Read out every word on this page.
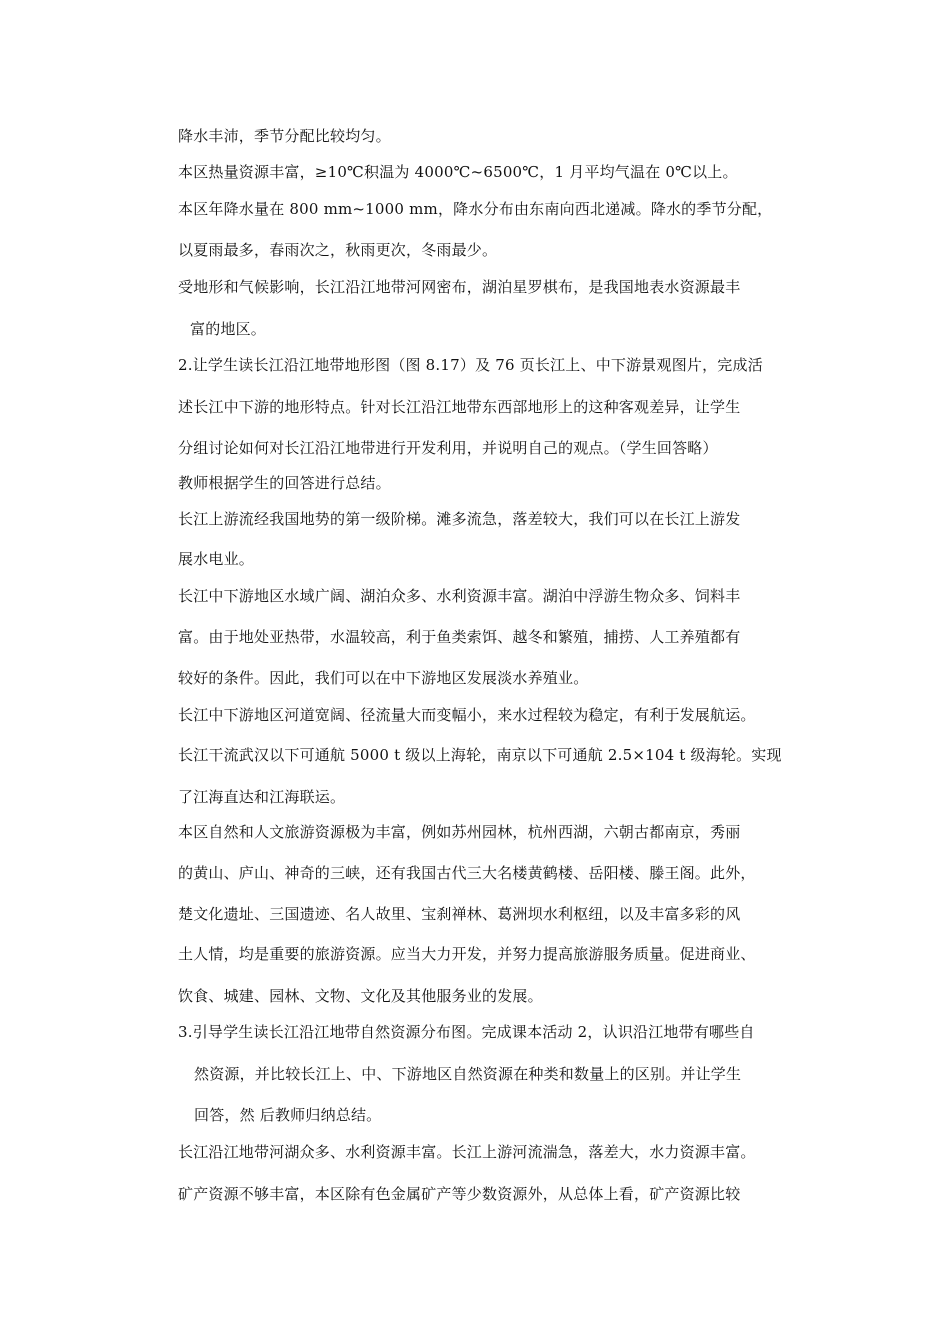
降水丰沛，季节分配比较均匀。
本区热量资源丰富，≥10℃积温为 4000℃~6500℃，1 月平均气温在 0℃以上。
本区年降水量在 800 mm~1000 mm，降水分布由东南向西北递减。降水的季节分配，
以夏雨最多，春雨次之，秋雨更次，冬雨最少。
受地形和气候影响，长江沿江地带河网密布，湖泊星罗棋布，是我国地表水资源最丰
富的地区。
2.让学生读长江沿江地带地形图（图 8.17）及 76 页长江上、中下游景观图片，完成活
述长江中下游的地形特点。针对长江沿江地带东西部地形上的这种客观差异，让学生
分组讨论如何对长江沿江地带进行开发利用，并说明自己的观点。（学生回答略）
教师根据学生的回答进行总结。
长江上游流经我国地势的第一级阶梯。滩多流急，落差较大，我们可以在长江上游发
展水电业。
长江中下游地区水域广阔、湖泊众多、水利资源丰富。湖泊中浮游生物众多、饲料丰
富。由于地处亚热带，水温较高，利于鱼类索饵、越冬和繁殖，捕捞、人工养殖都有
较好的条件。因此，我们可以在中下游地区发展淡水养殖业。
长江中下游地区河道宽阔、径流量大而变幅小，来水过程较为稳定，有利于发展航运。
长江干流武汉以下可通航 5000 t 级以上海轮，南京以下可通航 2.5×104 t 级海轮。实现
了江海直达和江海联运。
本区自然和人文旅游资源极为丰富，例如苏州园林，杭州西湖，六朝古都南京，秀丽
的黄山、庐山、神奇的三峡，还有我国古代三大名楼黄鹤楼、岳阳楼、滕王阁。此外，
楚文化遗址、三国遗迹、名人故里、宝刹禅林、葛洲坝水利枢纽，以及丰富多彩的风
土人情，均是重要的旅游资源。应当大力开发，并努力提高旅游服务质量。促进商业、
饮食、城建、园林、文物、文化及其他服务业的发展。
3.引导学生读长江沿江地带自然资源分布图。完成课本活动 2，认识沿江地带有哪些自
然资源，并比较长江上、中、下游地区自然资源在种类和数量上的区别。并让学生
回答，然 后教师归纳总结。
长江沿江地带河湖众多、水利资源丰富。长江上游河流湍急，落差大，水力资源丰富。
矿产资源不够丰富，本区除有色金属矿产等少数资源外，从总体上看，矿产资源比较
